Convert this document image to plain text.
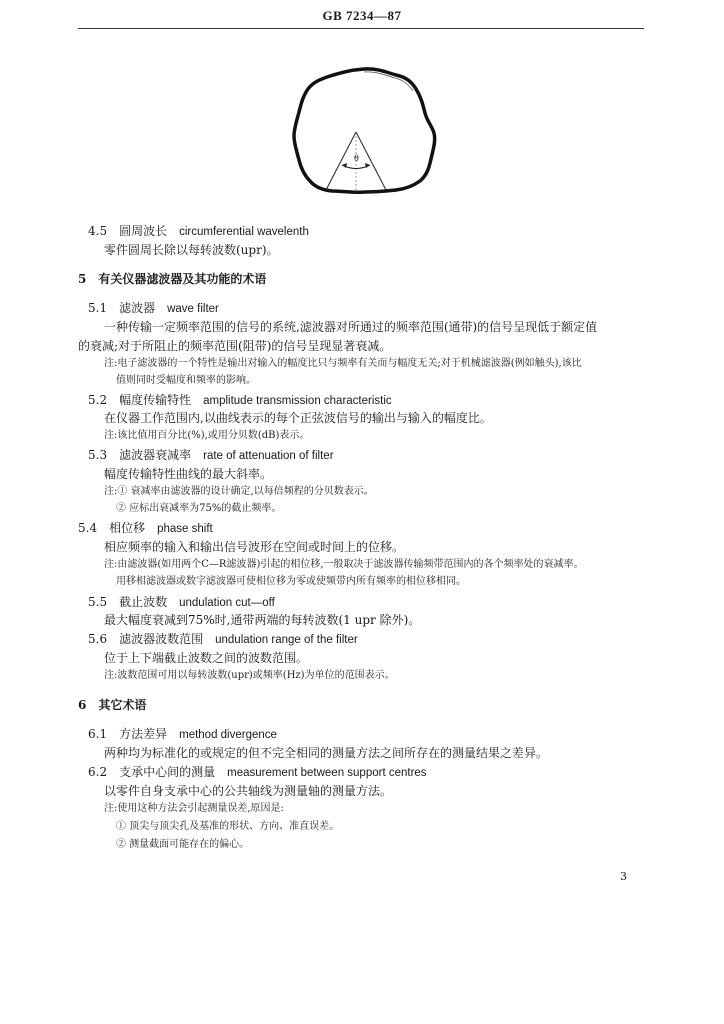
GB 7234—87
θ
4.5 圆周波长 circumferential wavelenth
零件圆周长除以每转波数(upr)。
5 有关仪器滤波器及其功能的术语
5.1 滤波器 wave filter
一种传输一定频率范围的信号的系统,滤波器对所通过的频率范围(通带)的信号呈现低于额定值
的衰减;对于所阻止的频率范围(阻带)的信号呈现显著衰减。
注:电子滤波器的一个特性是输出对输入的幅度比只与频率有关而与幅度无关;对于机械滤波器(例如触头),该比
值则同时受幅度和频率的影响。
5.2 幅度传输特性 amplitude transmission characteristic
在仪器工作范围内,以曲线表示的每个正弦波信号的输出与输入的幅度比。
注:该比值用百分比(%),或用分贝数(dB)表示。
5.3 滤波器衰减率 rate of attenuation of filter
幅度传输特性曲线的最大斜率。
注:① 衰减率由滤波器的设计确定,以每倍频程的分贝数表示。
② 应标出衰减率为75%的截止频率。
5.4 相位移 phase shift
相应频率的输入和输出信号波形在空间或时间上的位移。
注:由滤波器(如用两个C—R滤波器)引起的相位移,一般取决于滤波器传输频带范围内的各个频率处的衰减率。
用移相滤波器或数字滤波器可使相位移为零或使频带内所有频率的相位移相同。
5.5 截止波数 undulation cut—off
最大幅度衰减到75%时,通带两端的每转波数(1 upr 除外)。
5.6 滤波器波数范围 undulation range of the filter
位于上下端截止波数之间的波数范围。
注:波数范围可用以每转波数(upr)或频率(Hz)为单位的范围表示。
6 其它术语
6.1 方法差异 method divergence
两种均为标准化的或规定的但不完全相同的测量方法之间所存在的测量结果之差异。
6.2 支承中心间的测量 measurement between support centres
以零件自身支承中心的公共轴线为测量轴的测量方法。
注:使用这种方法会引起测量误差,原因是:
① 顶尖与顶尖孔及基准的形状、方向、准直误差。
② 测量截面可能存在的偏心。
3
